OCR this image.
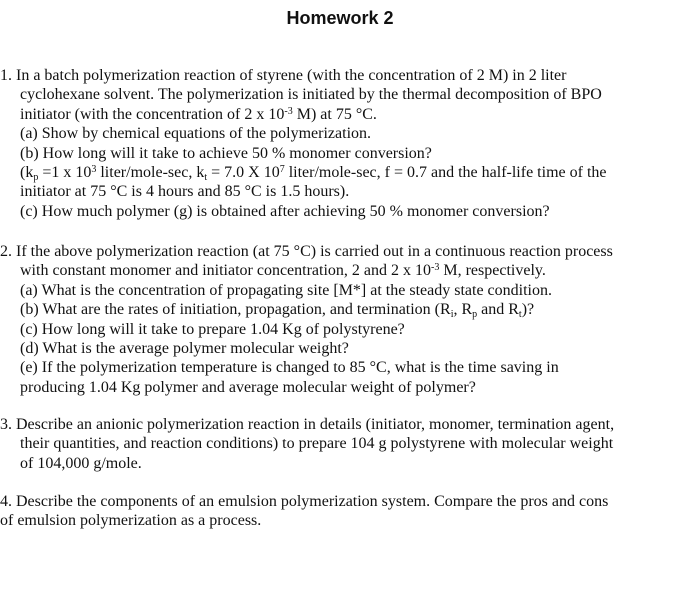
Homework 2
1. In a batch polymerization reaction of styrene (with the concentration of 2 M) in 2 liter
cyclohexane solvent. The polymerization is initiated by the thermal decomposition of BPO
initiator (with the concentration of 2 x $10^{-3}$ M) at 75 °C.
(a) Show by chemical equations of the polymerization.
(b) How long will it take to achieve 50 % monomer conversion?
($k_p =1$ x $10^3$ liter/mole-sec, $k_t = 7.0$ X $10^7$ liter/mole-sec, f = 0.7 and the half-life time of the
initiator at 75 °C is 4 hours and 85 °C is 1.5 hours).
(c) How much polymer (g) is obtained after achieving 50 % monomer conversion?
2. If the above polymerization reaction (at 75 °C) is carried out in a continuous reaction process
with constant monomer and initiator concentration, 2 and 2 x $10^{-3}$ M, respectively.
(a) What is the concentration of propagating site [M*] at the steady state condition.
(b) What are the rates of initiation, propagation, and termination ($R_i$, $R_p$ and $R_t$)?
(c) How long will it take to prepare 1.04 Kg of polystyrene?
(d) What is the average polymer molecular weight?
(e) If the polymerization temperature is changed to 85 °C, what is the time saving in
producing 1.04 Kg polymer and average molecular weight of polymer?
3. Describe an anionic polymerization reaction in details (initiator, monomer, termination agent,
their quantities, and reaction conditions) to prepare 104 g polystyrene with molecular weight
of 104,000 g/mole.
4. Describe the components of an emulsion polymerization system. Compare the pros and cons
of emulsion polymerization as a process.
